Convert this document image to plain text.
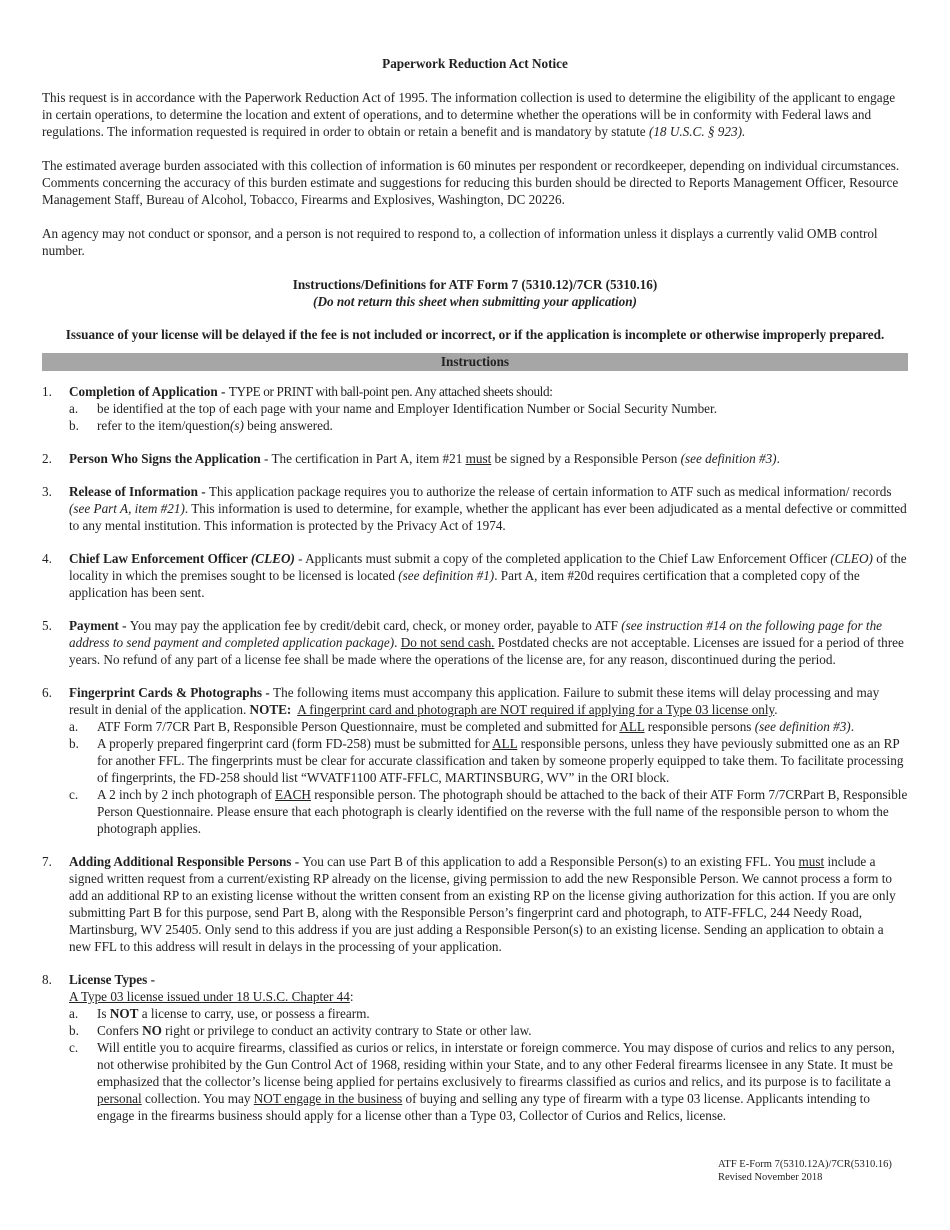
Paperwork Reduction Act Notice

This request is in accordance with the Paperwork Reduction Act of 1995. The information collection is used to determine the eligibility of the applicant to engage in certain operations, to determine the location and extent of operations, and to determine whether the operations will be in conformity with Federal laws and regulations. The information requested is required in order to obtain or retain a benefit and is mandatory by statute (18 U.S.C. § 923).

The estimated average burden associated with this collection of information is 60 minutes per respondent or recordkeeper, depending on individual circumstances. Comments concerning the accuracy of this burden estimate and suggestions for reducing this burden should be directed to Reports Management Officer, Resource Management Staff, Bureau of Alcohol, Tobacco, Firearms and Explosives, Washington, DC 20226.

An agency may not conduct or sponsor, and a person is not required to respond to, a collection of information unless it displays a currently valid OMB control number.

Instructions/Definitions for ATF Form 7 (5310.12)/7CR (5310.16)
(Do not return this sheet when submitting your application)
Issuance of your license will be delayed if the fee is not included or incorrect, or if the application is incomplete or otherwise improperly prepared.
Instructions
1. Completion of Application - TYPE or PRINT with ball-point pen. Any attached sheets should:
a. be identified at the top of each page with your name and Employer Identification Number or Social Security Number.
b. refer to the item/question(s) being answered.
2. Person Who Signs the Application - The certification in Part A, item #21 must be signed by a Responsible Person (see definition #3).
3. Release of Information - This application package requires you to authorize the release of certain information to ATF such as medical information/ records (see Part A, item #21). This information is used to determine, for example, whether the applicant has ever been adjudicated as a mental defective or committed to any mental institution. This information is protected by the Privacy Act of 1974.
4. Chief Law Enforcement Officer (CLEO) - Applicants must submit a copy of the completed application to the Chief Law Enforcement Officer (CLEO) of the locality in which the premises sought to be licensed is located (see definition #1). Part A, item #20d requires certification that a completed copy of the application has been sent.
5. Payment - You may pay the application fee by credit/debit card, check, or money order, payable to ATF (see instruction #14 on the following page for the address to send payment and completed application package). Do not send cash. Postdated checks are not acceptable. Licenses are issued for a period of three years. No refund of any part of a license fee shall be made where the operations of the license are, for any reason, discontinued during the period.
6. Fingerprint Cards & Photographs - The following items must accompany this application. Failure to submit these items will delay processing and may result in denial of the application. NOTE: A fingerprint card and photograph are NOT required if applying for a Type 03 license only.
a. ATF Form 7/7CR Part B, Responsible Person Questionnaire, must be completed and submitted for ALL responsible persons (see definition #3).
b. A properly prepared fingerprint card (form FD-258) must be submitted for ALL responsible persons, unless they have peviously submitted one as an RP for another FFL. The fingerprints must be clear for accurate classification and taken by someone properly equipped to take them. To facilitate processing of fingerprints, the FD-258 should list “WVATF1100 ATF-FFLC, MARTINSBURG, WV” in the ORI block.
c. A 2 inch by 2 inch photograph of EACH responsible person. The photograph should be attached to the back of their ATF Form 7/7CRPart B, Responsible Person Questionnaire. Please ensure that each photograph is clearly identified on the reverse with the full name of the responsible person to whom the photograph applies.
7. Adding Additional Responsible Persons - You can use Part B of this application to add a Responsible Person(s) to an existing FFL. You must include a signed written request from a current/existing RP already on the license, giving permission to add the new Responsible Person. We cannot process a form to add an additional RP to an existing license without the written consent from an existing RP on the license giving authorization for this action. If you are only submitting Part B for this purpose, send Part B, along with the Responsible Person’s fingerprint card and photograph, to ATF-FFLC, 244 Needy Road, Martinsburg, WV 25405. Only send to this address if you are just adding a Responsible Person(s) to an existing license. Sending an application to obtain a new FFL to this address will result in delays in the processing of your application.
8. License Types -
A Type 03 license issued under 18 U.S.C. Chapter 44:
a. Is NOT a license to carry, use, or possess a firearm.
b. Confers NO right or privilege to conduct an activity contrary to State or other law.
c. Will entitle you to acquire firearms, classified as curios or relics, in interstate or foreign commerce. You may dispose of curios and relics to any person, not otherwise prohibited by the Gun Control Act of 1968, residing within your State, and to any other Federal firearms licensee in any State. It must be emphasized that the collector’s license being applied for pertains exclusively to firearms classified as curios and relics, and its purpose is to facilitate a personal collection. You may NOT engage in the business of buying and selling any type of firearm with a type 03 license. Applicants intending to engage in the firearms business should apply for a license other than a Type 03, Collector of Curios and Relics, license.
ATF E-Form 7(5310.12A)/7CR(5310.16)
Revised November 2018
